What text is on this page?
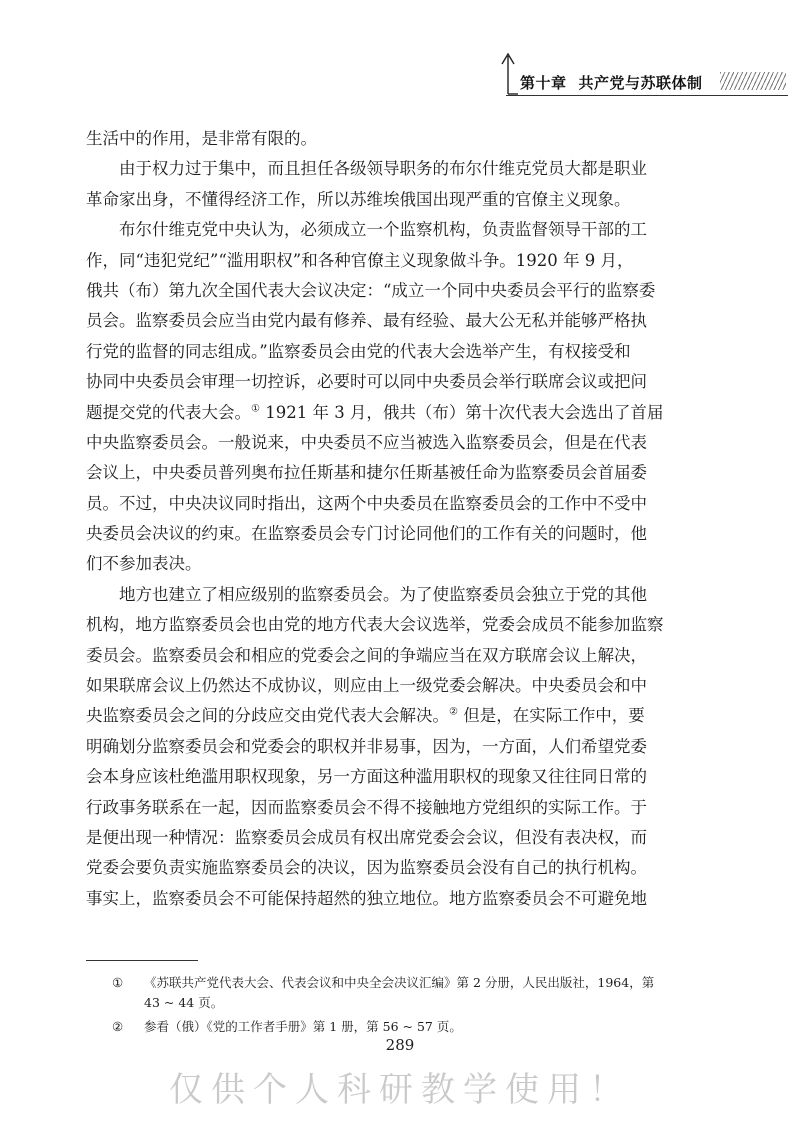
第十章 共产党与苏联体制
生活中的作用，是非常有限的。
　　由于权力过于集中，而且担任各级领导职务的布尔什维克党员大都是职业
革命家出身，不懂得经济工作，所以苏维埃俄国出现严重的官僚主义现象。
　　布尔什维克党中央认为，必须成立一个监察机构，负责监督领导干部的工
作，同“违犯党纪”“滥用职权”和各种官僚主义现象做斗争。1920 年 9 月，
俄共（布）第九次全国代表大会议决定：“成立一个同中央委员会平行的监察委
员会。监察委员会应当由党内最有修养、最有经验、最大公无私并能够严格执
行党的监督的同志组成。”监察委员会由党的代表大会选举产生，有权接受和
协同中央委员会审理一切控诉，必要时可以同中央委员会举行联席会议或把问
题提交党的代表大会。① 1921 年 3 月，俄共（布）第十次代表大会选出了首届
中央监察委员会。一般说来，中央委员不应当被选入监察委员会，但是在代表
会议上，中央委员普列奥布拉任斯基和捷尔任斯基被任命为监察委员会首届委
员。不过，中央决议同时指出，这两个中央委员在监察委员会的工作中不受中
央委员会决议的约束。在监察委员会专门讨论同他们的工作有关的问题时，他
们不参加表决。
　　地方也建立了相应级别的监察委员会。为了使监察委员会独立于党的其他
机构，地方监察委员会也由党的地方代表大会议选举，党委会成员不能参加监察
委员会。监察委员会和相应的党委会之间的争端应当在双方联席会议上解决，
如果联席会议上仍然达不成协议，则应由上一级党委会解决。中央委员会和中
央监察委员会之间的分歧应交由党代表大会解决。② 但是，在实际工作中，要
明确划分监察委员会和党委会的职权并非易事，因为，一方面，人们希望党委
会本身应该杜绝滥用职权现象，另一方面这种滥用职权的现象又往往同日常的
行政事务联系在一起，因而监察委员会不得不接触地方党组织的实际工作。于
是便出现一种情况：监察委员会成员有权出席党委会会议，但没有表决权，而
党委会要负责实施监察委员会的决议，因为监察委员会没有自己的执行机构。
事实上，监察委员会不可能保持超然的独立地位。地方监察委员会不可避免地
① 《苏联共产党代表大会、代表会议和中央全会决议汇编》第 2 分册，人民出版社，1964，第
43 ~ 44 页。
② 参看（俄）《党的工作者手册》第 1 册，第 56 ~ 57 页。
289
仅供个人科研教学使用！
